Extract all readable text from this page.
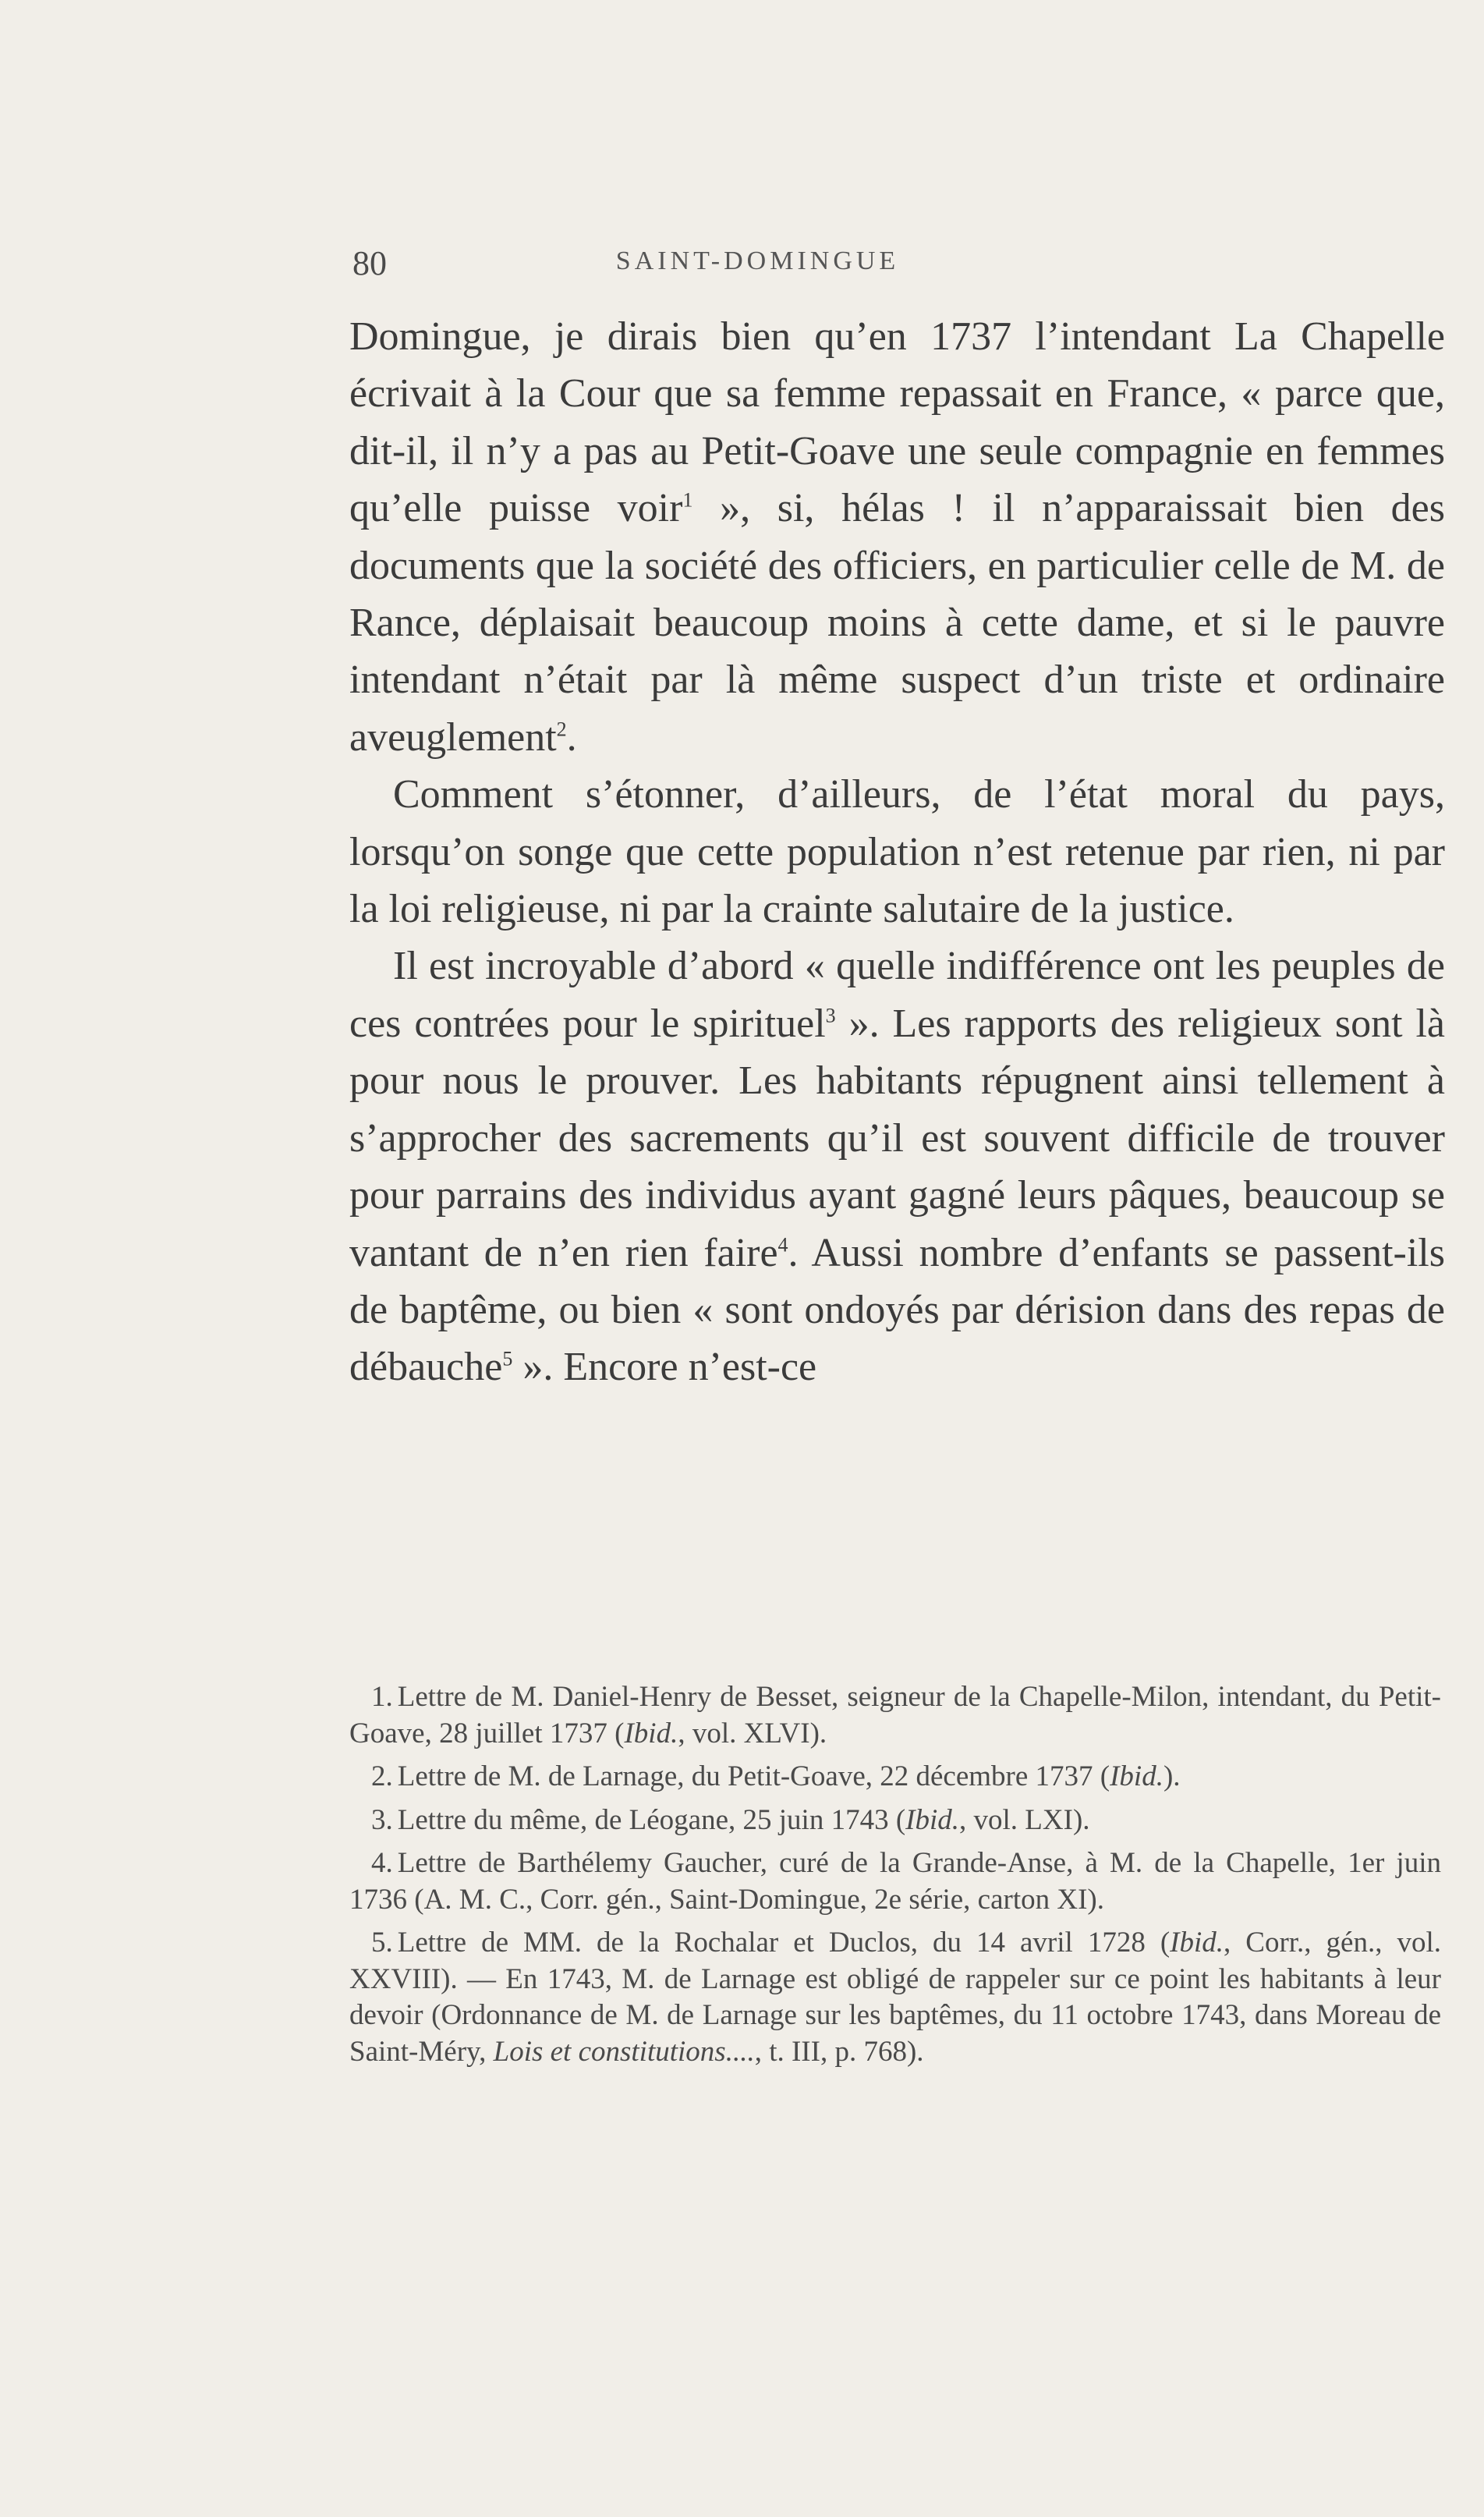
80	SAINT-DOMINGUE

Domingue, je dirais bien qu’en 1737 l’intendant La Chapelle écrivait à la Cour que sa femme repassait en France, « parce que, dit-il, il n’y a pas au Petit-Goave une seule compagnie en femmes qu’elle puisse voir$^1$ », si, hélas ! il n’apparaissait bien des documents que la société des officiers, en particulier celle de M. de Rance, déplaisait beaucoup moins à cette dame, et si le pauvre intendant n’était par là même suspect d’un triste et ordinaire aveuglement$^2$.

Comment s’étonner, d’ailleurs, de l’état moral du pays, lorsqu’on songe que cette population n’est retenue par rien, ni par la loi religieuse, ni par la crainte salutaire de la justice.

Il est incroyable d’abord « quelle indifférence ont les peuples de ces contrées pour le spirituel$^3$ ». Les rapports des religieux sont là pour nous le prouver. Les habitants répugnent ainsi tellement à s’approcher des sacrements qu’il est souvent difficile de trouver pour parrains des individus ayant gagné leurs pâques, beaucoup se vantant de n’en rien faire$^4$. Aussi nombre d’enfants se passent-ils de baptême, ou bien « sont ondoyés par dérision dans des repas de débauche$^5$ ». Encore n’est-ce

1. Lettre de M. Daniel-Henry de Besset, seigneur de la Chapelle-Milon, intendant, du Petit-Goave, 28 juillet 1737 (Ibid., vol. XLVI).

2. Lettre de M. de Larnage, du Petit-Goave, 22 décembre 1737 (Ibid.).

3. Lettre du même, de Léogane, 25 juin 1743 (Ibid., vol. LXI).

4. Lettre de Barthélemy Gaucher, curé de la Grande-Anse, à M. de la Chapelle, 1er juin 1736 (A. M. C., Corr. gén., Saint-Domingue, 2e série, carton XI).

5. Lettre de MM. de la Rochalar et Duclos, du 14 avril 1728 (Ibid., Corr., gén., vol. XXVIII). — En 1743, M. de Larnage est obligé de rappeler sur ce point les habitants à leur devoir (Ordonnance de M. de Larnage sur les baptêmes, du 11 octobre 1743, dans Moreau de Saint-Méry, Lois et constitutions...., t. III, p. 768).
